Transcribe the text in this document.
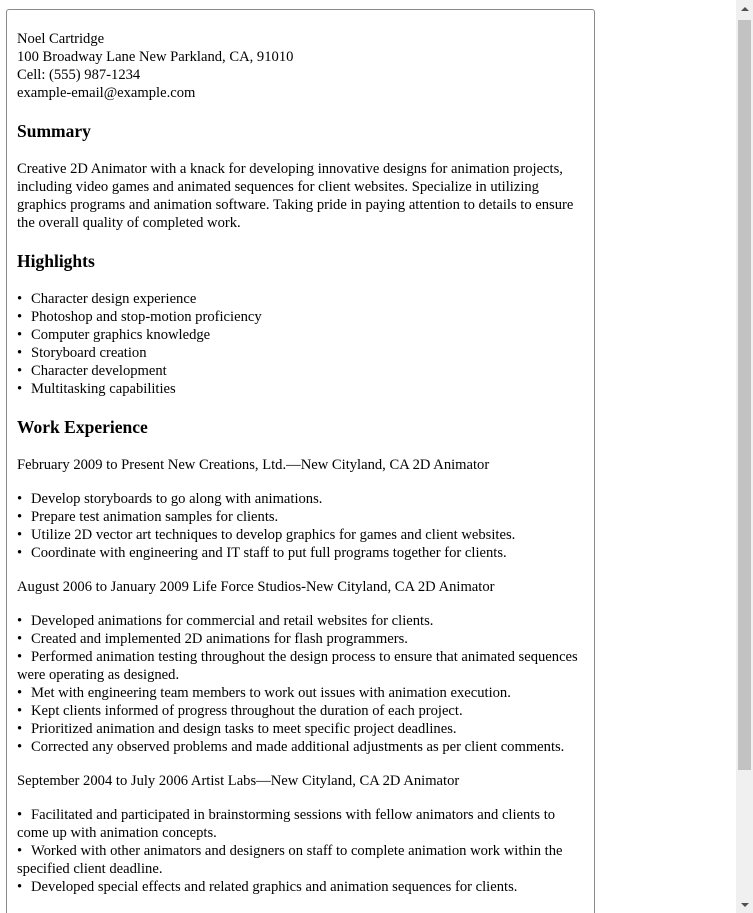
Noel Cartridge
100 Broadway Lane New Parkland, CA, 91010
Cell: (555) 987-1234
example-email@example.com
Summary

Creative 2D Animator with a knack for developing innovative designs for animation projects, including video games and animated sequences for client websites. Specialize in utilizing graphics programs and animation software. Taking pride in paying attention to details to ensure the overall quality of completed work.

Highlights
• Character design experience
• Photoshop and stop-motion proficiency
• Computer graphics knowledge
• Storyboard creation
• Character development
• Multitasking capabilities
Work Experience
February 2009 to Present New Creations, Ltd.—New Cityland, CA 2D Animator
• Develop storyboards to go along with animations.
• Prepare test animation samples for clients.
• Utilize 2D vector art techniques to develop graphics for games and client websites.
• Coordinate with engineering and IT staff to put full programs together for clients.
August 2006 to January 2009 Life Force Studios-New Cityland, CA 2D Animator
• Developed animations for commercial and retail websites for clients.
• Created and implemented 2D animations for flash programmers.
• Performed animation testing throughout the design process to ensure that animated sequences were operating as designed.
• Met with engineering team members to work out issues with animation execution.
• Kept clients informed of progress throughout the duration of each project.
• Prioritized animation and design tasks to meet specific project deadlines.
• Corrected any observed problems and made additional adjustments as per client comments.
September 2004 to July 2006 Artist Labs—New Cityland, CA 2D Animator
• Facilitated and participated in brainstorming sessions with fellow animators and clients to come up with animation concepts.
• Worked with other animators and designers on staff to complete animation work within the specified client deadline.
• Developed special effects and related graphics and animation sequences for clients.
